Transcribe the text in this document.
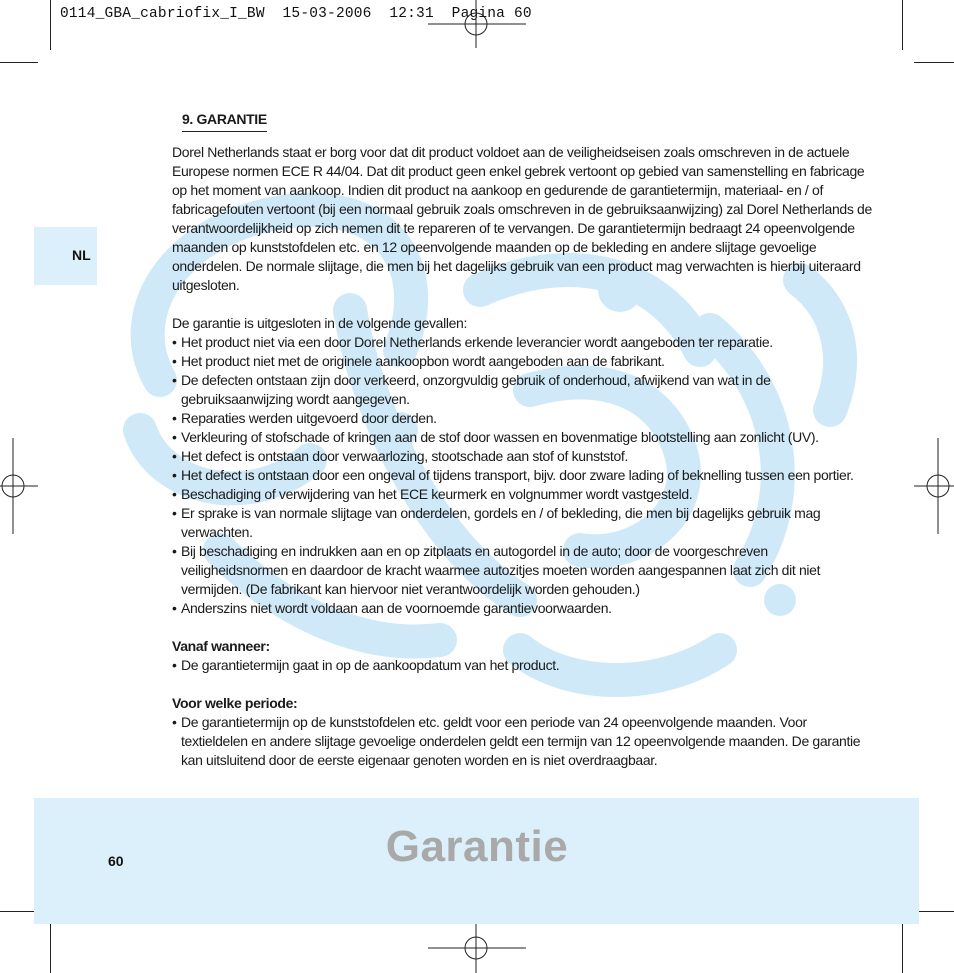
0114_GBA_cabriofix_I_BW  15-03-2006  12:31  Pagina 60
NL
9. GARANTIE

Dorel Netherlands staat er borg voor dat dit product voldoet aan de veiligheidseisen zoals omschreven in de actuele Europese normen ECE R 44/04. Dat dit product geen enkel gebrek vertoont op gebied van samenstelling en fabricage op het moment van aankoop. Indien dit product na aankoop en gedurende de garantietermijn, materiaal- en / of fabricagefouten vertoont (bij een normaal gebruik zoals omschreven in de gebruiksaanwijzing) zal Dorel Netherlands de verantwoordelijkheid op zich nemen dit te repareren of te vervangen. De garantietermijn bedraagt 24 opeenvolgende maanden op kunststofdelen etc. en 12 opeenvolgende maanden op de bekleding en andere slijtage gevoelige onderdelen. De normale slijtage, die men bij het dagelijks gebruik van een product mag verwachten is hierbij uiteraard uitgesloten.

De garantie is uitgesloten in de volgende gevallen:

• Het product niet via een door Dorel Netherlands erkende leverancier wordt aangeboden ter reparatie.
• Het product niet met de originele aankoopbon wordt aangeboden aan de fabrikant.
• De defecten ontstaan zijn door verkeerd, onzorgvuldig gebruik of onderhoud, afwijkend van wat in de gebruiksaanwijzing wordt aangegeven.
• Reparaties werden uitgevoerd door derden.
• Verkleuring of stofschade of kringen aan de stof door wassen en bovenmatige blootstelling aan zonlicht (UV).
• Het defect is ontstaan door verwaarlozing, stootschade aan stof of kunststof.
• Het defect is ontstaan door een ongeval of tijdens transport, bijv. door zware lading of beknelling tussen een portier.
• Beschadiging of verwijdering van het ECE keurmerk en volgnummer wordt vastgesteld.
• Er sprake is van normale slijtage van onderdelen, gordels en / of bekleding, die men bij dagelijks gebruik mag verwachten.
• Bij beschadiging en indrukken aan en op zitplaats en autogordel in de auto; door de voorgeschreven veiligheidsnormen en daardoor de kracht waarmee autozitjes moeten worden aangespannen laat zich dit niet vermijden. (De fabrikant kan hiervoor niet verantwoordelijk worden gehouden.)
• Anderszins niet wordt voldaan aan de voornoemde garantievoorwaarden.
Vanaf wanneer:
• De garantietermijn gaat in op de aankoopdatum van het product.
Voor welke periode:
• De garantietermijn op de kunststofdelen etc. geldt voor een periode van 24 opeenvolgende maanden. Voor textieldelen en andere slijtage gevoelige onderdelen geldt een termijn van 12 opeenvolgende maanden. De garantie kan uitsluitend door de eerste eigenaar genoten worden en is niet overdraagbaar.
60	Garantie
